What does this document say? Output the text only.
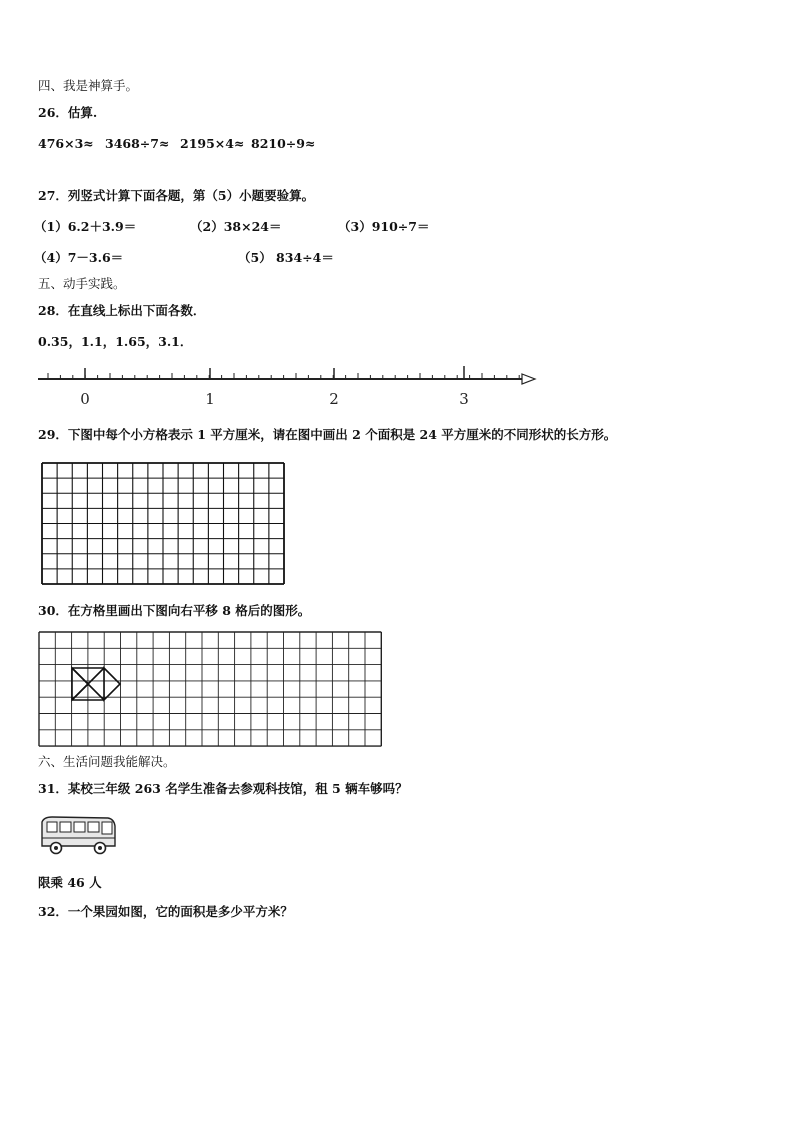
四、我是神算手。
26．估算.
476×3≈ 3468÷7≈ 2195×4≈ 8210÷9≈
27．列竖式计算下面各题，第（5）小题要验算。
（1）6.2＋3.9＝	（2）38×24＝	（3）910÷7＝
（4）7－3.6＝	（5） 834÷4＝
五、动手实践。
28．在直线上标出下面各数．
0.35，1.1，1.65，3.1．
0	1	2	3
29．下图中每个小方格表示 1 平方厘米，请在图中画出 2 个面积是 24 平方厘米的不同形状的长方形。
30．在方格里画出下图向右平移 8 格后的图形。
六、生活问题我能解决。
31．某校三年级 263 名学生准备去参观科技馆，租 5 辆车够吗？
限乘 46 人
32．一个果园如图，它的面积是多少平方米？
